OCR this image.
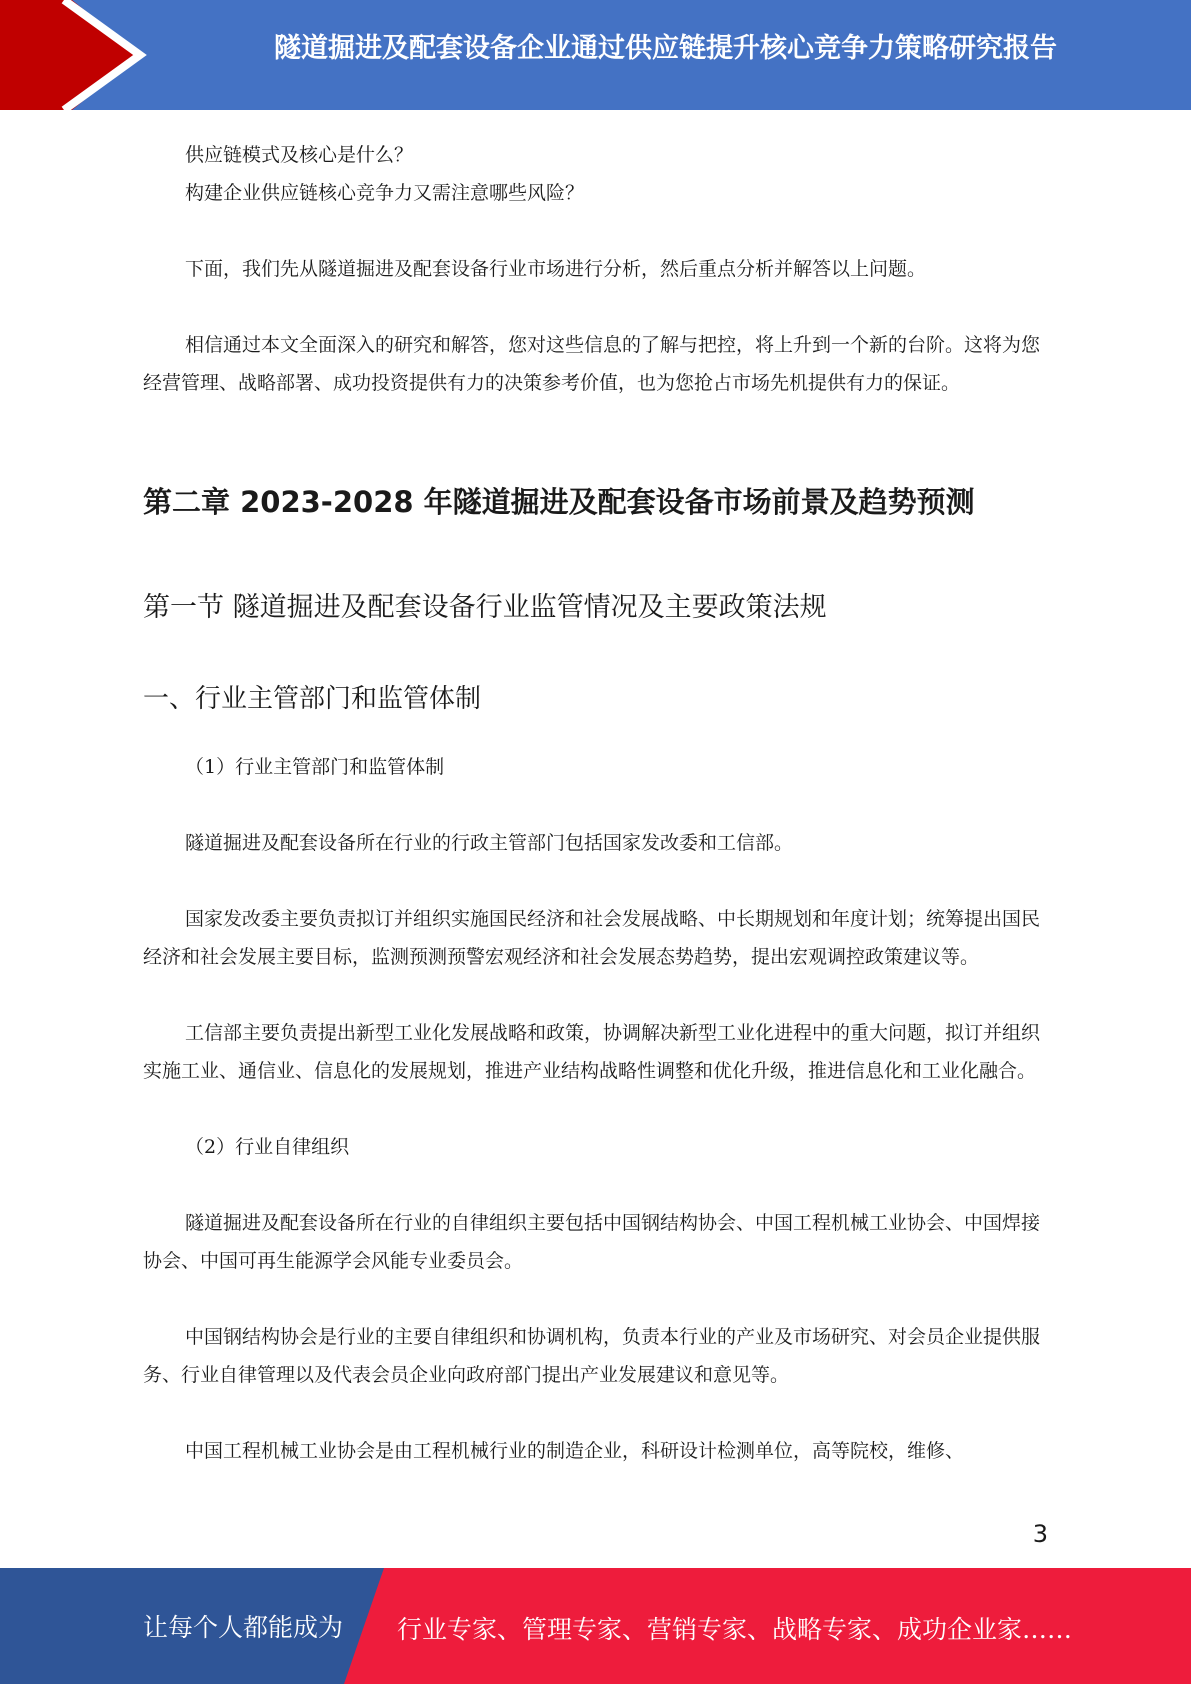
隧道掘进及配套设备企业通过供应链提升核心竞争力策略研究报告

供应链模式及核心是什么？

构建企业供应链核心竞争力又需注意哪些风险？

下面，我们先从隧道掘进及配套设备行业市场进行分析，然后重点分析并解答以上问题。

相信通过本文全面深入的研究和解答，您对这些信息的了解与把控，将上升到一个新的台阶。这将为您经营管理、战略部署、成功投资提供有力的决策参考价值，也为您抢占市场先机提供有力的保证。

第二章 2023-2028 年隧道掘进及配套设备市场前景及趋势预测
第一节 隧道掘进及配套设备行业监管情况及主要政策法规
一、行业主管部门和监管体制

（1）行业主管部门和监管体制

隧道掘进及配套设备所在行业的行政主管部门包括国家发改委和工信部。

国家发改委主要负责拟订并组织实施国民经济和社会发展战略、中长期规划和年度计划；统筹提出国民经济和社会发展主要目标，监测预测预警宏观经济和社会发展态势趋势，提出宏观调控政策建议等。

工信部主要负责提出新型工业化发展战略和政策，协调解决新型工业化进程中的重大问题，拟订并组织实施工业、通信业、信息化的发展规划，推进产业结构战略性调整和优化升级，推进信息化和工业化融合。

（2）行业自律组织

隧道掘进及配套设备所在行业的自律组织主要包括中国钢结构协会、中国工程机械工业协会、中国焊接协会、中国可再生能源学会风能专业委员会。

中国钢结构协会是行业的主要自律组织和协调机构，负责本行业的产业及市场研究、对会员企业提供服务、行业自律管理以及代表会员企业向政府部门提出产业发展建议和意见等。

中国工程机械工业协会是由工程机械行业的制造企业，科研设计检测单位，高等院校，维修、

3
让每个人都能成为 行业专家、管理专家、营销专家、战略专家、成功企业家……
